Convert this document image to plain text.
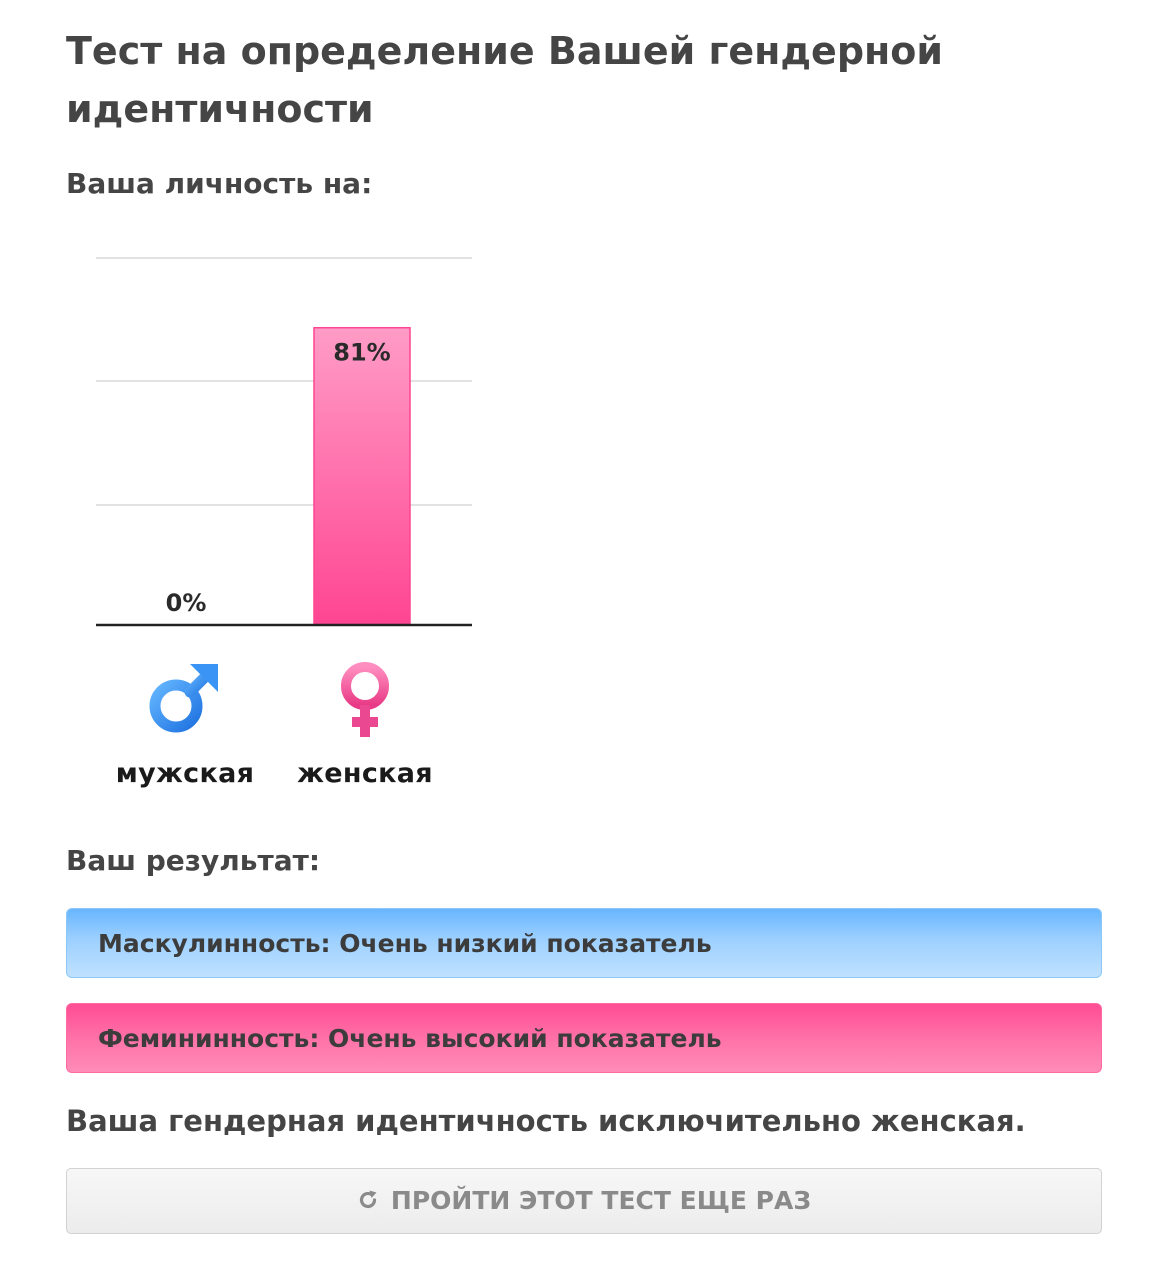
Тест на определение Вашей гендерной идентичности
Ваша личность на:
0%
81%
мужская	женская
Ваш результат:
Маскулинность: Очень низкий показатель
Фемининность: Очень высокий показатель

Ваша гендерная идентичность исключительно женская.

ПРОЙТИ ЭТОТ ТЕСТ ЕЩЕ РАЗ
